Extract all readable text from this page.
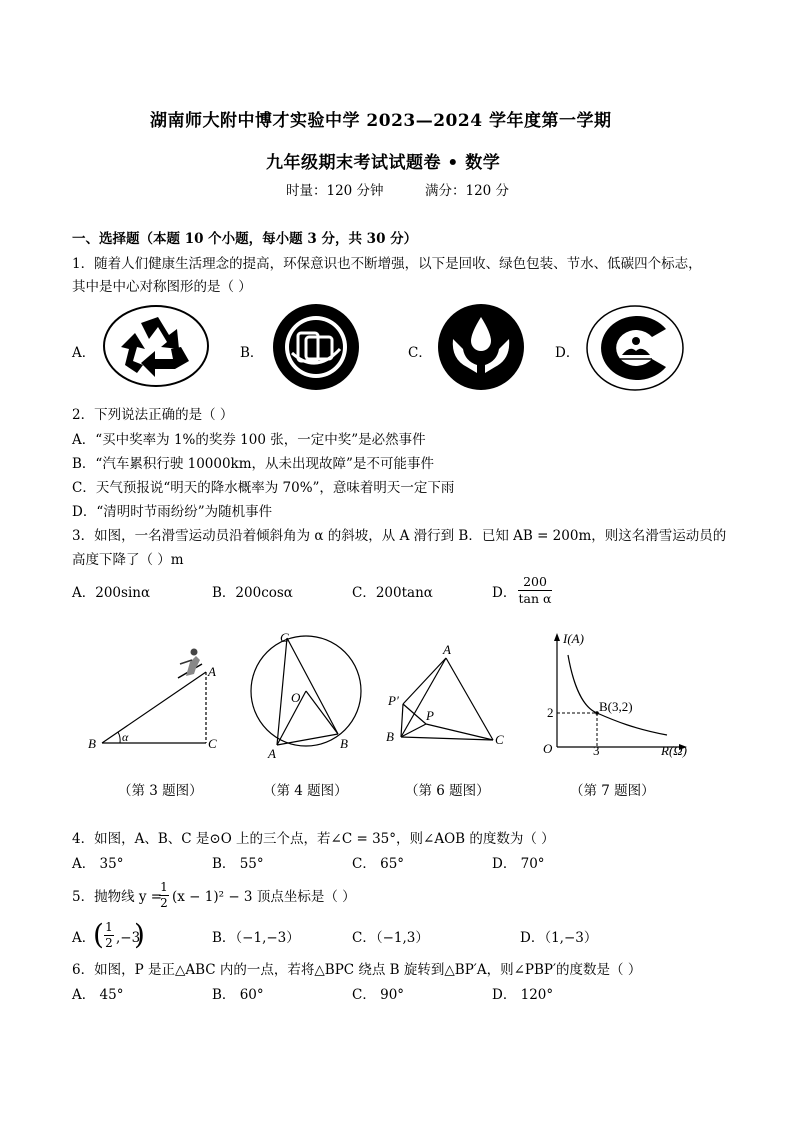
湖南师大附中博才实验中学 2023—2024 学年度第一学期
九年级期末考试试题卷 • 数学
时量：120 分钟	满分：120 分
一、选择题（本题 10 个小题，每小题 3 分，共 30 分）
1．随着人们健康生活理念的提高，环保意识也不断增强，以下是回收、绿色包装、节水、低碳四个标志，
其中是中心对称图形的是（ ）
A．	B．	C．	D．
2．下列说法正确的是（ ）
A．“买中奖率为 1%的奖券 100 张，一定中奖”是必然事件
B．“汽车累积行驶 10000km，从未出现故障”是不可能事件
C．天气预报说“明天的降水概率为 70%”，意味着明天一定下雨
D．“清明时节雨纷纷”为随机事件
3．如图，一名滑雪运动员沿着倾斜角为 α 的斜坡，从 A 滑行到 B．已知 AB = 200m，则这名滑雪运动员的
高度下降了（ ）m
A．200sinα	B．200cosα	C．200tanα	D． $\frac{200}{\text{tan α}}$
B	C
A
α
（第 3 题图）
C
O
A
B
（第 4 题图）
A
P′
P
B	C
（第 6 题图）
I(A)
R(Ω)
O
2
3
B(3,2)
（第 7 题图）
4．如图，A、B、C 是⊙O 上的三个点，若∠C = 35°，则∠AOB 的度数为（ ）
A． 35°	B． 55°	C． 65°	D． 70°
5．抛物线 y =
$\frac{1}{2} (x - 1)^2 - 3$ 顶点坐标是（ ）
A．
( $\frac{1}{2} ,-3$
)	B．（−1,−3）	C．（−1,3）	D．（1,−3）
6．如图，P 是正△ABC 内的一点，若将△BPC 绕点 B 旋转到△BP′A，则∠PBP′的度数是（ ）
A． 45°	B． 60°	C． 90°	D． 120°
